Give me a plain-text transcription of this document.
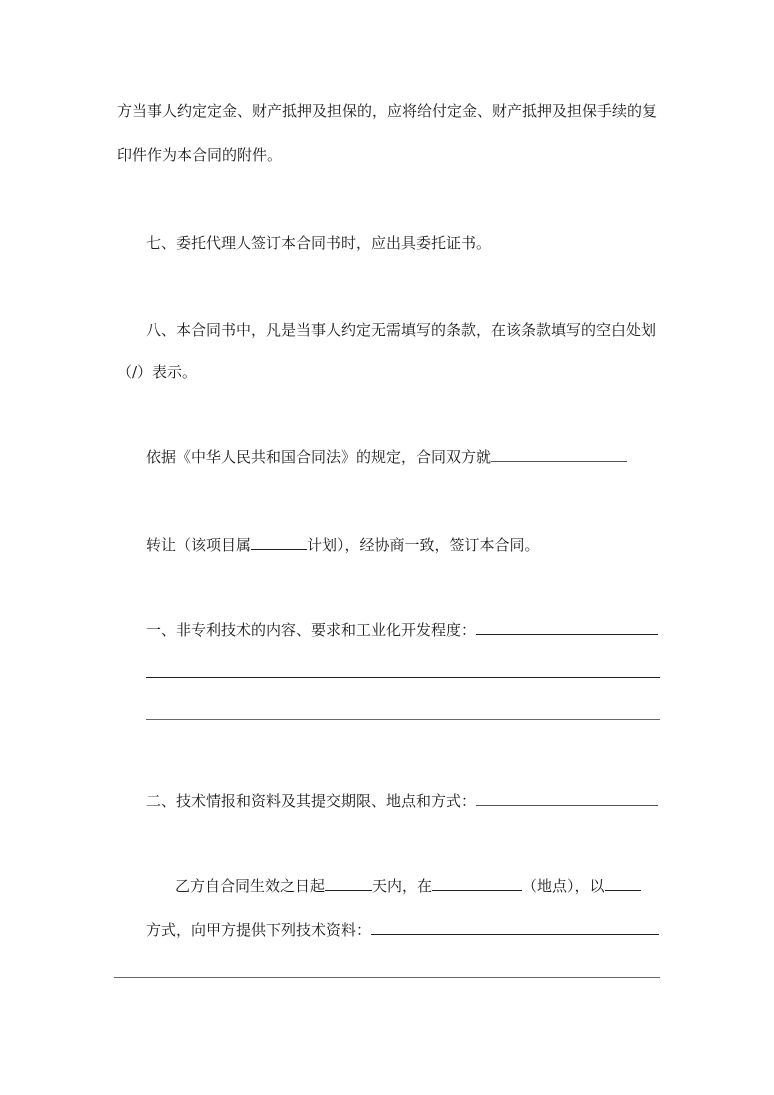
方当事人约定定金、财产抵押及担保的，应将给付定金、财产抵押及担保手续的复
印件作为本合同的附件。
七、委托代理人签订本合同书时，应出具委托证书。
八、本合同书中，凡是当事人约定无需填写的条款，在该条款填写的空白处划
（/）表示。
依据《中华人民共和国合同法》的规定，合同双方就
转让（该项目属	计划），经协商一致，签订本合同。
一、非专利技术的内容、要求和工业化开发程度：
二、技术情报和资料及其提交期限、地点和方式：
乙方自合同生效之日起	天内，在	（地点），以
方式，向甲方提供下列技术资料：
